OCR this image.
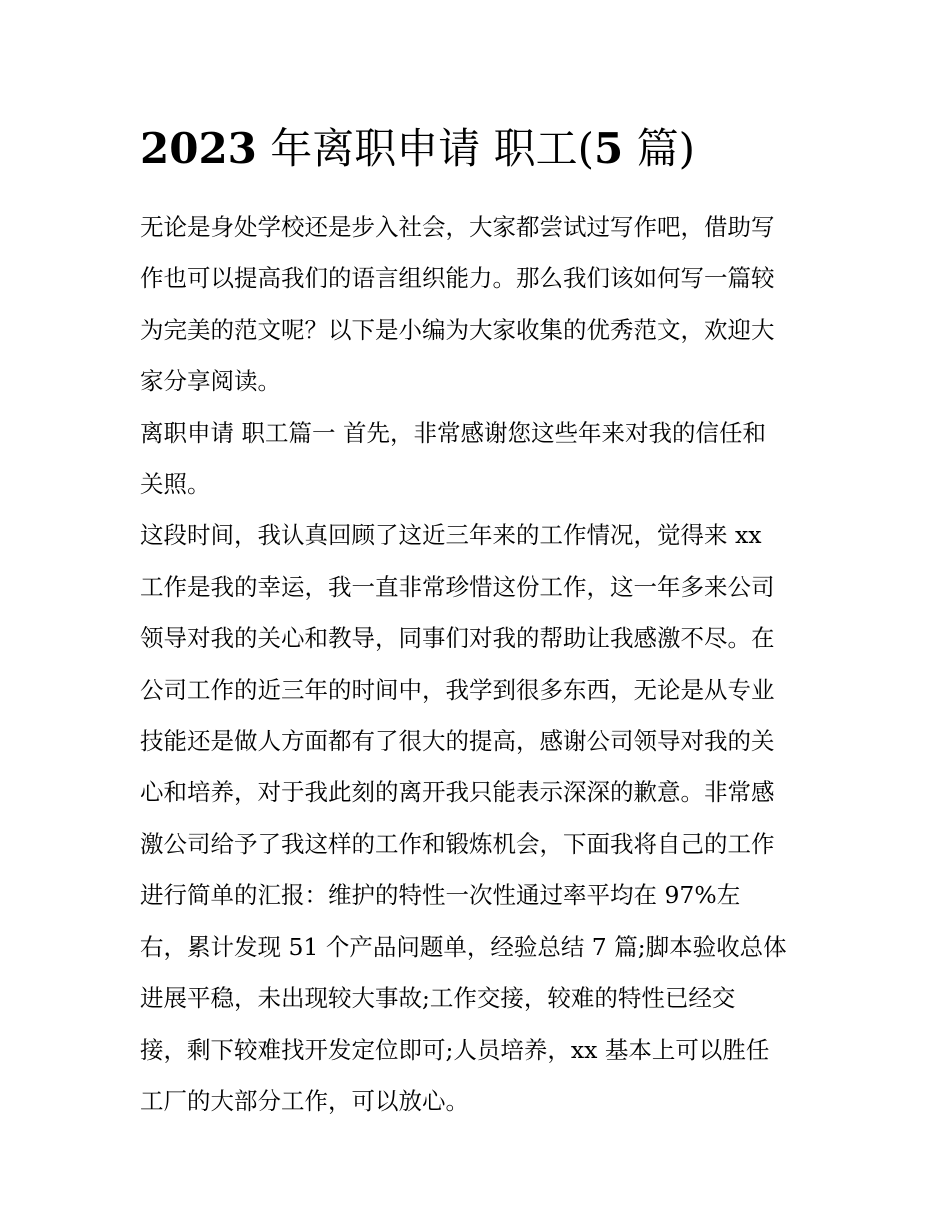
2023 年离职申请 职工(5 篇)
无论是身处学校还是步入社会，大家都尝试过写作吧，借助写
作也可以提高我们的语言组织能力。那么我们该如何写一篇较
为完美的范文呢？以下是小编为大家收集的优秀范文，欢迎大
家分享阅读。
离职申请 职工篇一 首先，非常感谢您这些年来对我的信任和
关照。
这段时间，我认真回顾了这近三年来的工作情况，觉得来 xx
工作是我的幸运，我一直非常珍惜这份工作，这一年多来公司
领导对我的关心和教导，同事们对我的帮助让我感激不尽。在
公司工作的近三年的时间中，我学到很多东西，无论是从专业
技能还是做人方面都有了很大的提高，感谢公司领导对我的关
心和培养，对于我此刻的离开我只能表示深深的歉意。非常感
激公司给予了我这样的工作和锻炼机会，下面我将自己的工作
进行简单的汇报：维护的特性一次性通过率平均在 97%左
右，累计发现 51 个产品问题单，经验总结 7 篇;脚本验收总体
进展平稳，未出现较大事故;工作交接，较难的特性已经交
接，剩下较难找开发定位即可;人员培养，xx 基本上可以胜任
工厂的大部分工作，可以放心。
